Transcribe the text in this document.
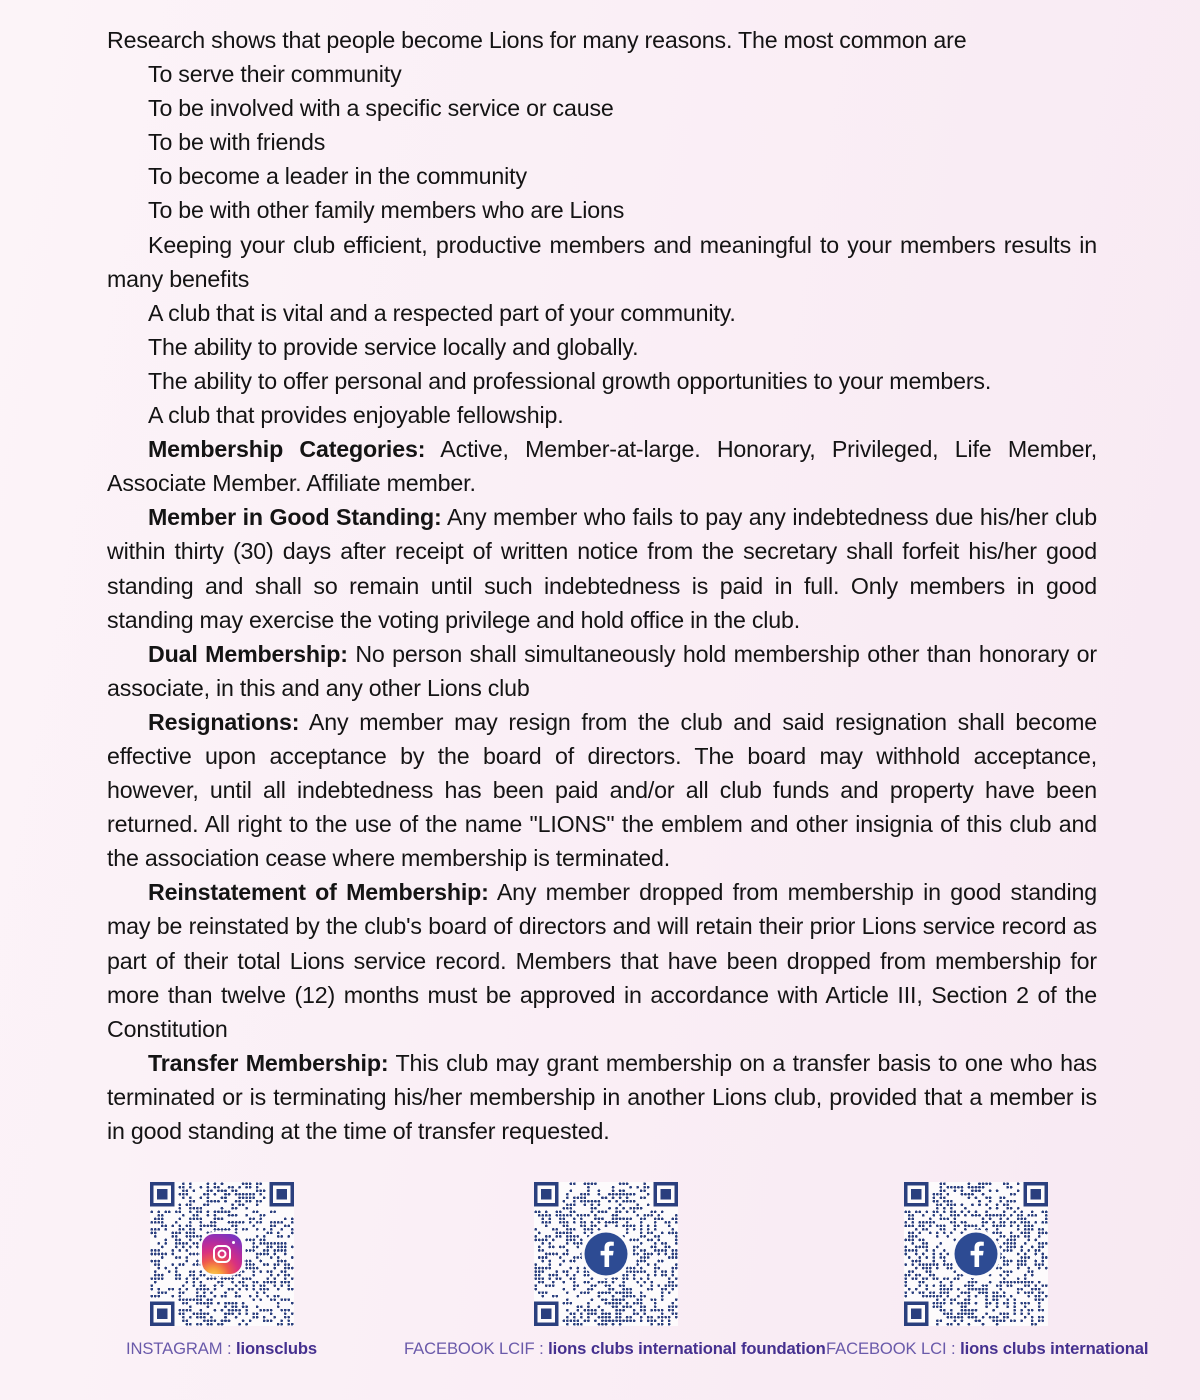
Research shows that people become Lions for many reasons. The most common are

To serve their community

To be involved with a specific service or cause

To be with friends

To become a leader in the community

To be with other family members who are Lions

Keeping your club efficient, productive members and meaningful to your members results in many benefits

A club that is vital and a respected part of your community.

The ability to provide service locally and globally.

The ability to offer personal and professional growth opportunities to your members.

A club that provides enjoyable fellowship.

Membership Categories: Active, Member-at-large. Honorary, Privileged, Life Member, Associate Member. Affiliate member.

Member in Good Standing: Any member who fails to pay any indebtedness due his/her club within thirty (30) days after receipt of written notice from the secretary shall forfeit his/her good standing and shall so remain until such indebtedness is paid in full. Only members in good standing may exercise the voting privilege and hold office in the club.

Dual Membership: No person shall simultaneously hold membership other than honorary or associate, in this and any other Lions club

Resignations: Any member may resign from the club and said resignation shall become effective upon acceptance by the board of directors. The board may withhold acceptance, however, until all indebtedness has been paid and/or all club funds and property have been returned. All right to the use of the name "LIONS" the emblem and other insignia of this club and the association cease where membership is terminated.

Reinstatement of Membership: Any member dropped from membership in good standing may be reinstated by the club's board of directors and will retain their prior Lions service record as part of their total Lions service record. Members that have been dropped from membership for more than twelve (12) months must be approved in accordance with Article III, Section 2 of the Constitution

Transfer Membership: This club may grant membership on a transfer basis to one who has terminated or is terminating his/her membership in another Lions club, provided that a member is in good standing at the time of transfer requested.

INSTAGRAM : lionsclubs	FACEBOOK LCIF : lions clubs international foundation FACEBOOK LCI : lions clubs international
